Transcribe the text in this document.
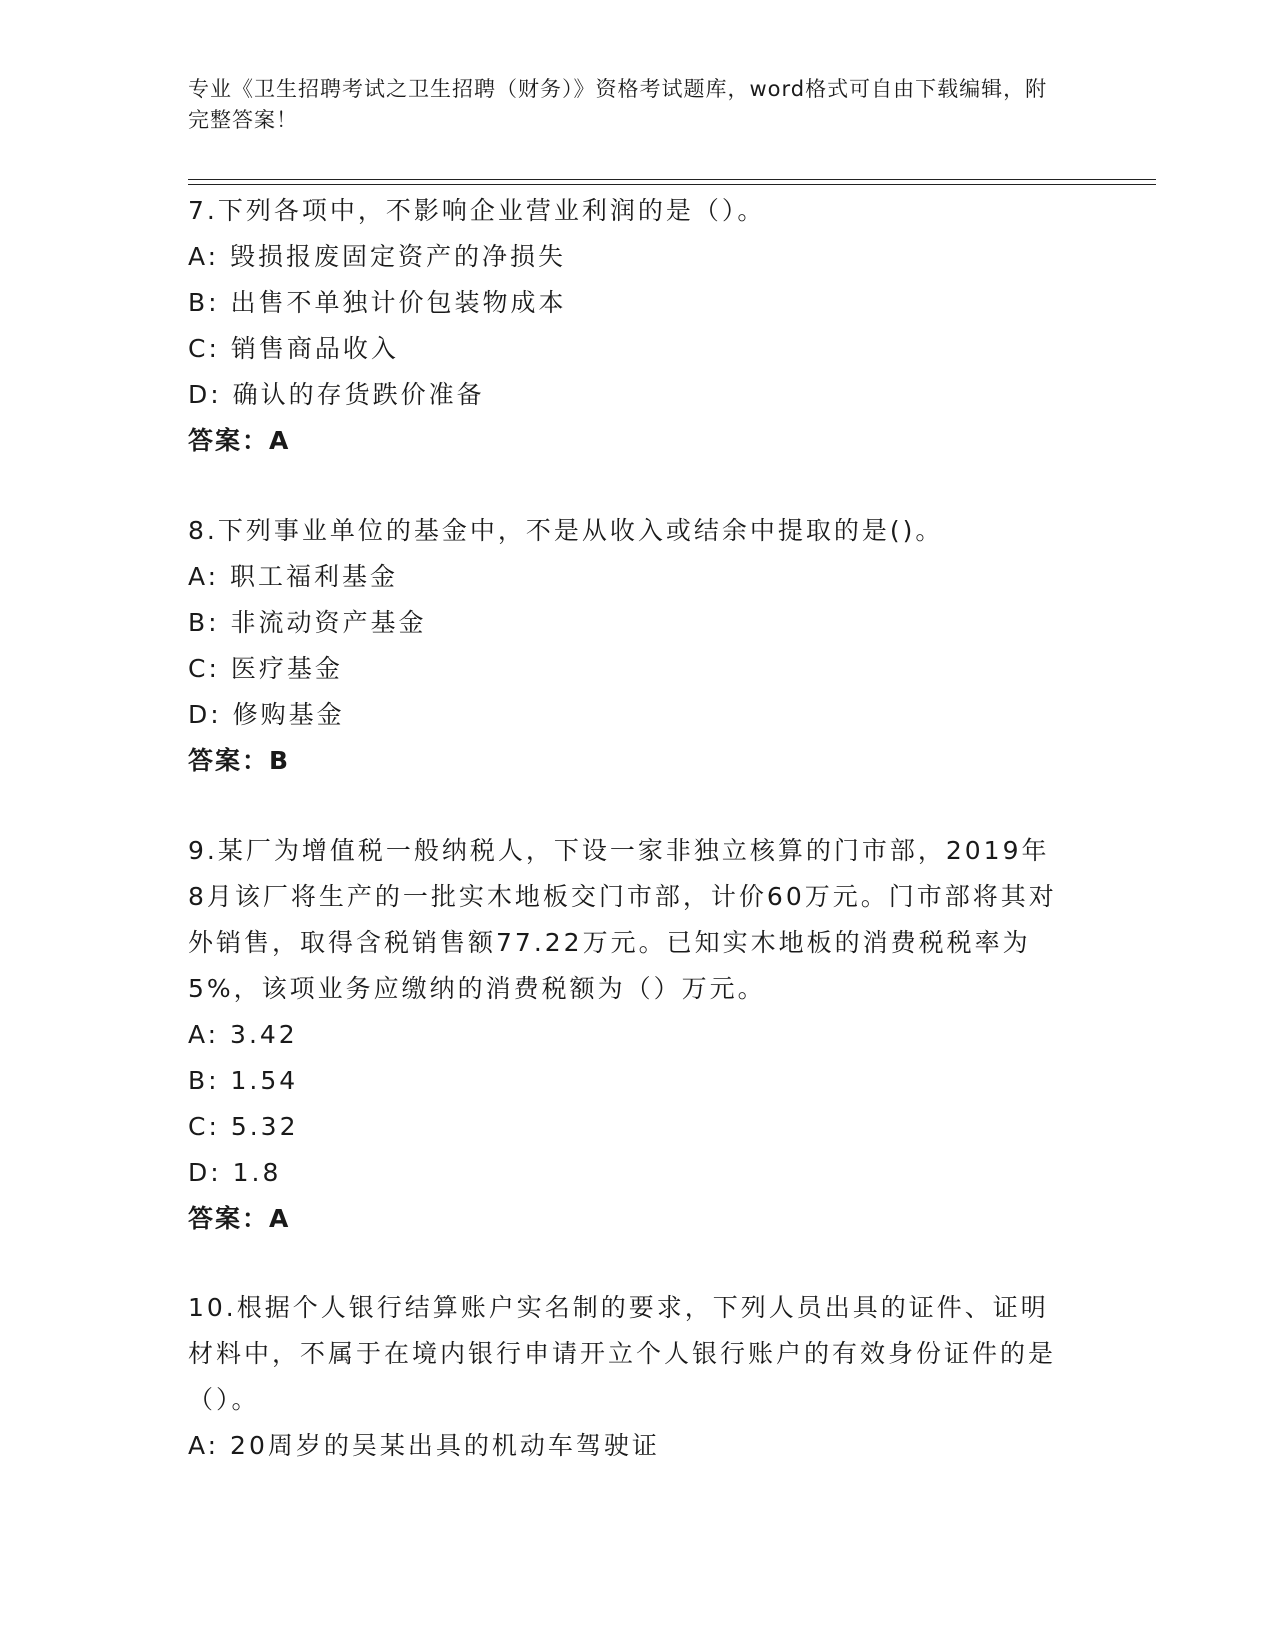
专业《卫生招聘考试之卫生招聘（财务）》资格考试题库，word格式可自由下载编辑，附完整答案！

7.下列各项中，不影响企业营业利润的是（）。

A: 毁损报废固定资产的净损失

B: 出售不单独计价包装物成本

C: 销售商品收入

D: 确认的存货跌价准备

答案：A

8.下列事业单位的基金中，不是从收入或结余中提取的是()。

A: 职工福利基金

B: 非流动资产基金

C: 医疗基金

D: 修购基金

答案：B

9.某厂为增值税一般纳税人，下设一家非独立核算的门市部，2019年8月该厂将生产的一批实木地板交门市部，计价60万元。门市部将其对外销售，取得含税销售额77.22万元。已知实木地板的消费税税率为5%，该项业务应缴纳的消费税额为（）万元。

A: 3.42

B: 1.54

C: 5.32

D: 1.8

答案：A

10.根据个人银行结算账户实名制的要求，下列人员出具的证件、证明材料中，不属于在境内银行申请开立个人银行账户的有效身份证件的是（）。

A: 20周岁的吴某出具的机动车驾驶证
